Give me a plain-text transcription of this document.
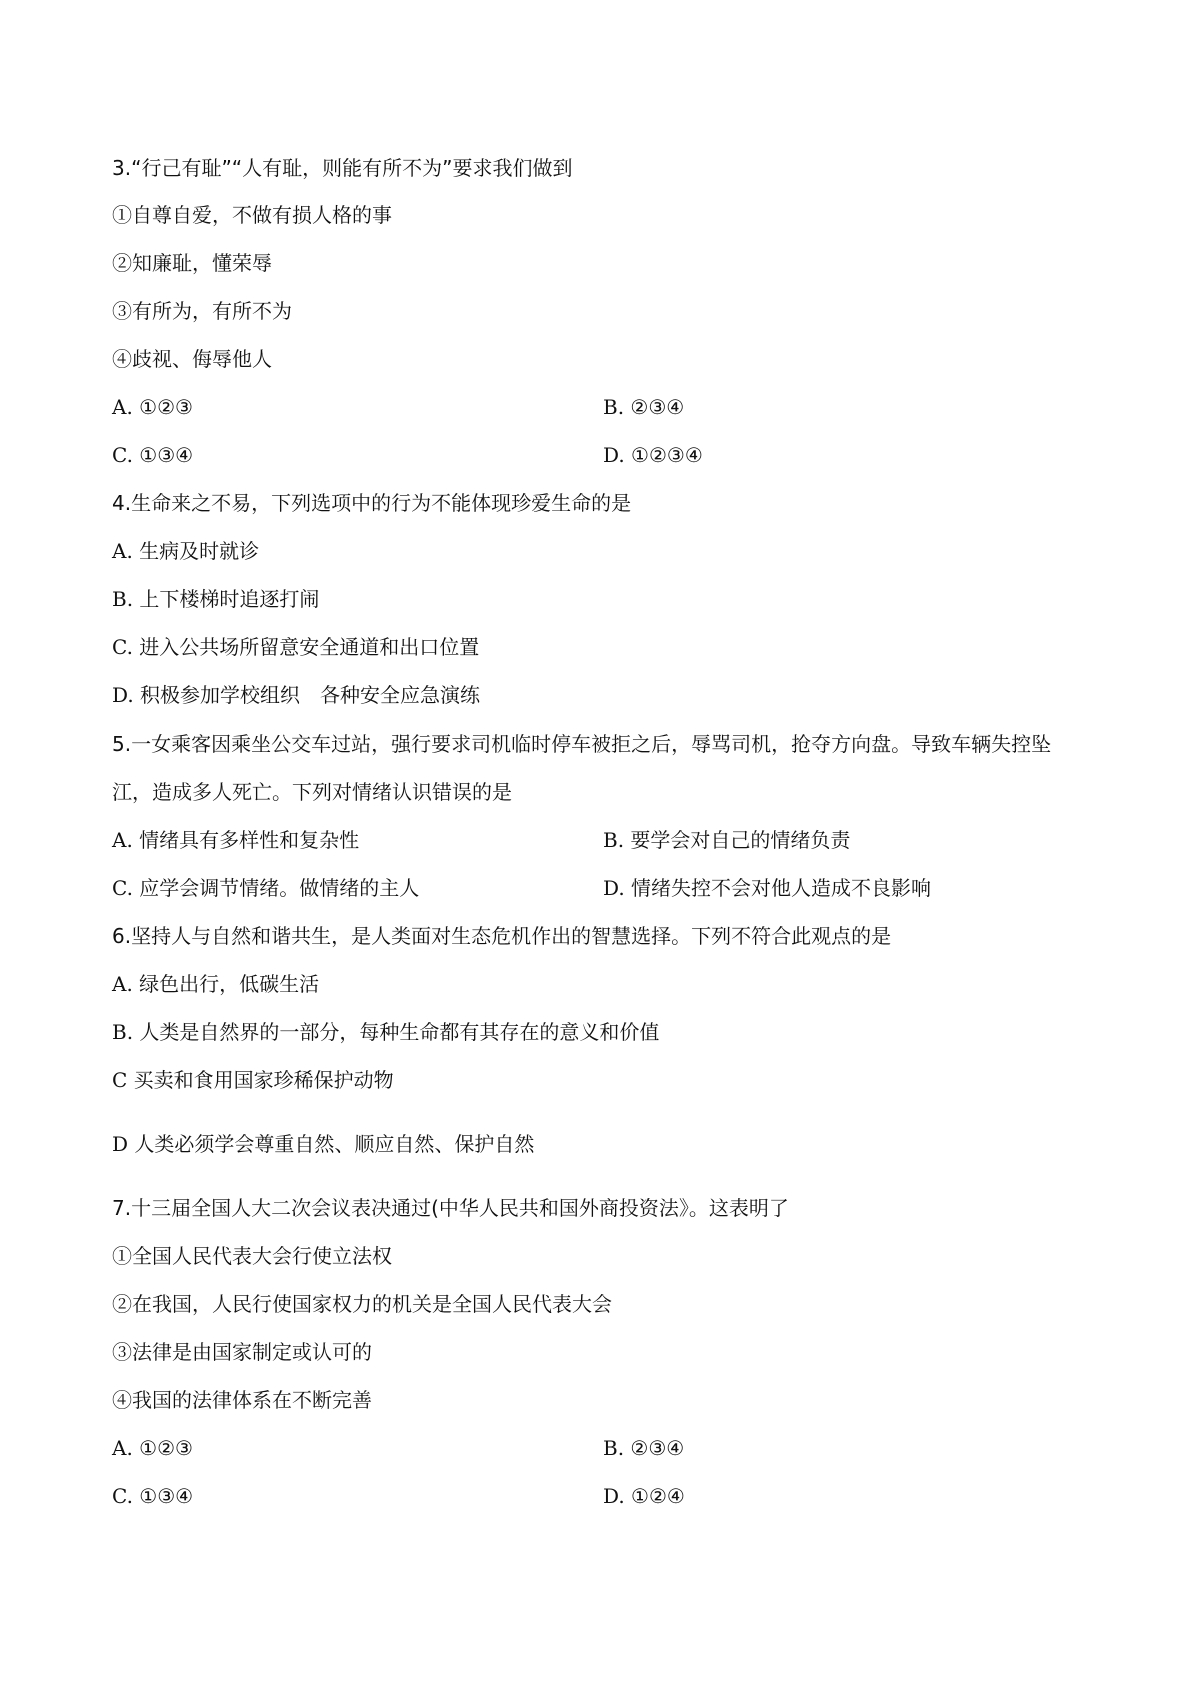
3.“行己有耻”“人有耻，则能有所不为”要求我们做到
①自尊自爱，不做有损人格的事
②知廉耻，懂荣辱
③有所为，有所不为
④歧视、侮辱他人
A. ①②③	B. ②③④
C. ①③④	D. ①②③④
4.生命来之不易，下列选项中的行为不能体现珍爱生命的是
A. 生病及时就诊
B. 上下楼梯时追逐打闹
C. 进入公共场所留意安全通道和出口位置
D. 积极参加学校组织　各种安全应急演练
5.一女乘客因乘坐公交车过站，强行要求司机临时停车被拒之后，辱骂司机，抢夺方向盘。导致车辆失控坠
江，造成多人死亡。下列对情绪认识错误的是
A. 情绪具有多样性和复杂性	B. 要学会对自己的情绪负责
C. 应学会调节情绪。做情绪的主人	D. 情绪失控不会对他人造成不良影响
6.坚持人与自然和谐共生，是人类面对生态危机作出的智慧选择。下列不符合此观点的是
A. 绿色出行，低碳生活
B. 人类是自然界的一部分，每种生命都有其存在的意义和价值
C 买卖和食用国家珍稀保护动物
D 人类必须学会尊重自然、顺应自然、保护自然
7.十三届全国人大二次会议表决通过(中华人民共和国外商投资法》。这表明了
①全国人民代表大会行使立法权
②在我国，人民行使国家权力的机关是全国人民代表大会
③法律是由国家制定或认可的
④我国的法律体系在不断完善
A. ①②③	B. ②③④
C. ①③④	D. ①②④
